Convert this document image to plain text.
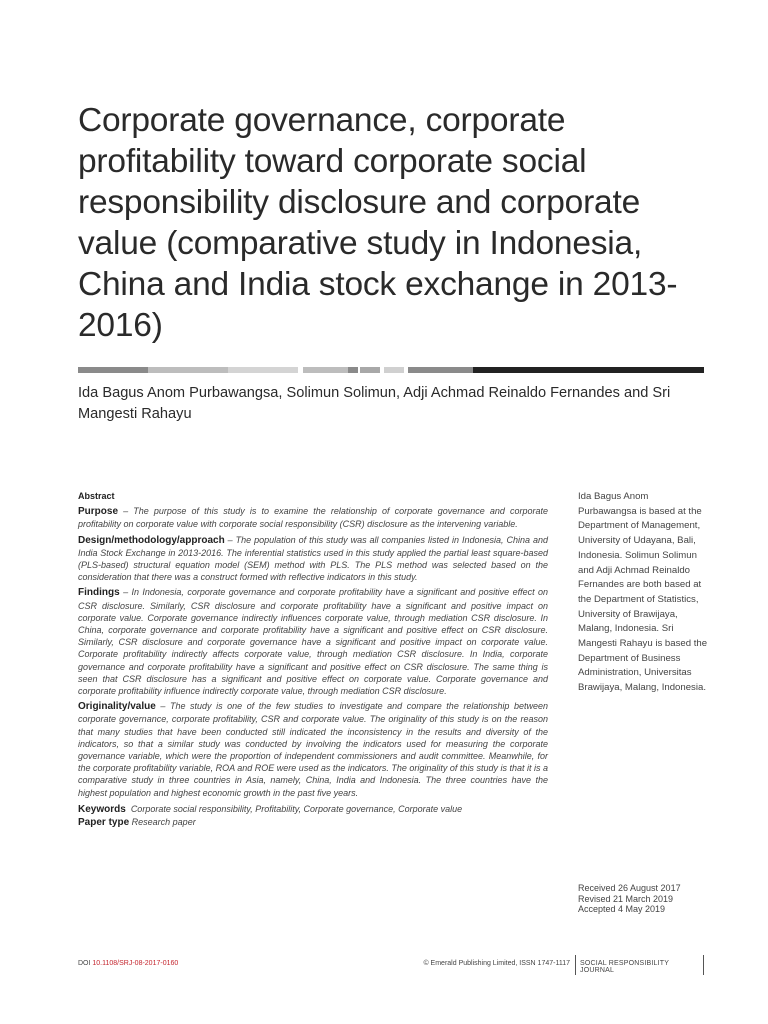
Corporate governance, corporate profitability toward corporate social responsibility disclosure and corporate value (comparative study in Indonesia, China and India stock exchange in 2013-2016)
Ida Bagus Anom Purbawangsa, Solimun Solimun, Adji Achmad Reinaldo Fernandes and Sri Mangesti Rahayu
Abstract
Purpose – The purpose of this study is to examine the relationship of corporate governance and corporate profitability on corporate value with corporate social responsibility (CSR) disclosure as the intervening variable.
Design/methodology/approach – The population of this study was all companies listed in Indonesia, China and India Stock Exchange in 2013-2016. The inferential statistics used in this study applied the partial least square-based (PLS-based) structural equation model (SEM) method with PLS. The PLS method was selected based on the consideration that there was a construct formed with reflective indicators in this study.
Findings – In Indonesia, corporate governance and corporate profitability have a significant and positive effect on CSR disclosure. Similarly, CSR disclosure and corporate profitability have a significant and positive impact on corporate value. Corporate governance indirectly influences corporate value, through mediation CSR disclosure. In China, corporate governance and corporate profitability have a significant and positive effect on CSR disclosure. Similarly, CSR disclosure and corporate governance have a significant and positive impact on corporate value. Corporate profitability indirectly affects corporate value, through mediation CSR disclosure. In India, corporate governance and corporate profitability have a significant and positive effect on CSR disclosure. The same thing is seen that CSR disclosure has a significant and positive effect on corporate value. Corporate governance and corporate profitability influence indirectly corporate value, through mediation CSR disclosure.
Originality/value – The study is one of the few studies to investigate and compare the relationship between corporate governance, corporate profitability, CSR and corporate value. The originality of this study is on the reason that many studies that have been conducted still indicated the inconsistency in the results and diversity of the indicators, so that a similar study was conducted by involving the indicators used for measuring the corporate governance variable, which were the proportion of independent commissioners and audit committee. Meanwhile, for the corporate profitability variable, ROA and ROE were used as the indicators. The originality of this study is that it is a comparative study in three countries in Asia, namely, China, India and Indonesia. The three countries have the highest population and highest economic growth in the past five years.
Keywords Corporate social responsibility, Profitability, Corporate governance, Corporate value
Paper type Research paper
Ida Bagus Anom Purbawangsa is based at the Department of Management, University of Udayana, Bali, Indonesia. Solimun Solimun and Adji Achmad Reinaldo Fernandes are both based at the Department of Statistics, University of Brawijaya, Malang, Indonesia. Sri Mangesti Rahayu is based the Department of Business Administration, Universitas Brawijaya, Malang, Indonesia.
Received 26 August 2017
Revised 21 March 2019
Accepted 4 May 2019
DOI 10.1108/SRJ-08-2017-0160	© Emerald Publishing Limited, ISSN 1747-1117 SOCIAL RESPONSIBILITY JOURNAL
